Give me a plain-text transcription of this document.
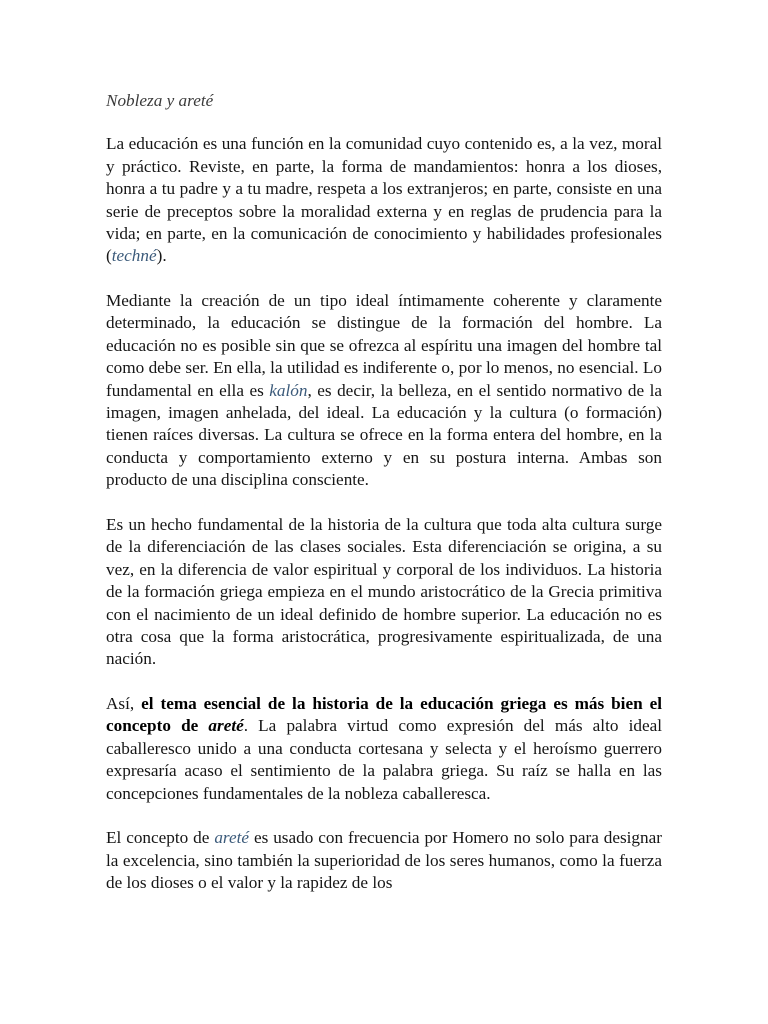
Nobleza y areté

La educación es una función en la comunidad cuyo contenido es, a la vez, moral y práctico. Reviste, en parte, la forma de mandamientos: honra a los dioses, honra a tu padre y a tu madre, respeta a los extranjeros; en parte, consiste en una serie de preceptos sobre la moralidad externa y en reglas de prudencia para la vida; en parte, en la comunicación de conocimiento y habilidades profesionales (techné).

Mediante la creación de un tipo ideal íntimamente coherente y claramente determinado, la educación se distingue de la formación del hombre. La educación no es posible sin que se ofrezca al espíritu una imagen del hombre tal como debe ser. En ella, la utilidad es indiferente o, por lo menos, no esencial. Lo fundamental en ella es kalón, es decir, la belleza, en el sentido normativo de la imagen, imagen anhelada, del ideal. La educación y la cultura (o formación) tienen raíces diversas. La cultura se ofrece en la forma entera del hombre, en la conducta y comportamiento externo y en su postura interna. Ambas son producto de una disciplina consciente.

Es un hecho fundamental de la historia de la cultura que toda alta cultura surge de la diferenciación de las clases sociales. Esta diferenciación se origina, a su vez, en la diferencia de valor espiritual y corporal de los individuos. La historia de la formación griega empieza en el mundo aristocrático de la Grecia primitiva con el nacimiento de un ideal definido de hombre superior. La educación no es otra cosa que la forma aristocrática, progresivamente espiritualizada, de una nación.

Así, el tema esencial de la historia de la educación griega es más bien el concepto de areté. La palabra virtud como expresión del más alto ideal caballeresco unido a una conducta cortesana y selecta y el heroísmo guerrero expresaría acaso el sentimiento de la palabra griega. Su raíz se halla en las concepciones fundamentales de la nobleza caballeresca.

El concepto de areté es usado con frecuencia por Homero no solo para designar la excelencia, sino también la superioridad de los seres humanos, como la fuerza de los dioses o el valor y la rapidez de los
